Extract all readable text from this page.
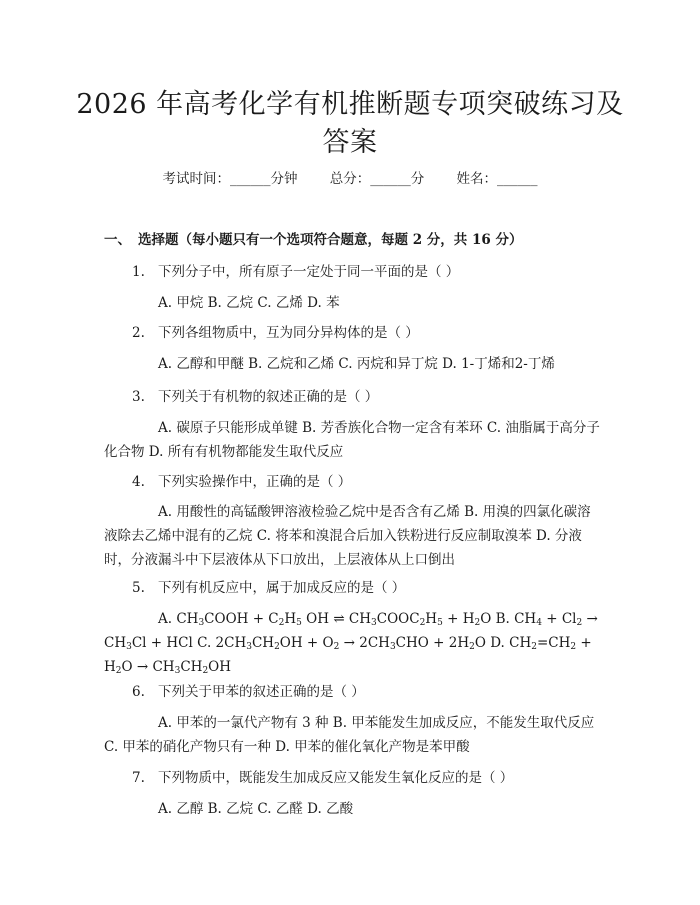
2026 年高考化学有机推断题专项突破练习及
答案
考试时间：______分钟 总分：______分 姓名：______
一、 选择题（每小题只有一个选项符合题意，每题 2 分，共 16 分）
1. 下列分子中，所有原子一定处于同一平面的是（ ）
A. 甲烷 B. 乙烷 C. 乙烯 D. 苯
2. 下列各组物质中，互为同分异构体的是（ ）
A. 乙醇和甲醚 B. 乙烷和乙烯 C. 丙烷和异丁烷 D. 1-丁烯和2-丁烯
3. 下列关于有机物的叙述正确的是（ ）
A. 碳原子只能形成单键 B. 芳香族化合物一定含有苯环 C. 油脂属于高分子化合物 D. 所有有机物都能发生取代反应
4. 下列实验操作中，正确的是（ ）
A. 用酸性的高锰酸钾溶液检验乙烷中是否含有乙烯 B. 用溴的四氯化碳溶液除去乙烯中混有的乙烷 C. 将苯和溴混合后加入铁粉进行反应制取溴苯 D. 分液时，分液漏斗中下层液体从下口放出，上层液体从上口倒出
5. 下列有机反应中，属于加成反应的是（ ）
A. $CH_3COOH + C_2H_5$ OH ⇌ $CH_3COOC_2H_5 + H_2O$ B. $CH_4 + Cl_2 \to CH_3Cl$ + HCl C. $2CH_3CH_2OH + O_2 \to 2CH_3CHO + 2H_2O$ D. $CH_2=CH_2 + H_2O \to CH_3CH_2OH$
6. 下列关于甲苯的叙述正确的是（ ）
A. 甲苯的一氯代产物有 3 种 B. 甲苯能发生加成反应，不能发生取代反应 C. 甲苯的硝化产物只有一种 D. 甲苯的催化氧化产物是苯甲酸
7. 下列物质中，既能发生加成反应又能发生氧化反应的是（ ）
A. 乙醇 B. 乙烷 C. 乙醛 D. 乙酸
